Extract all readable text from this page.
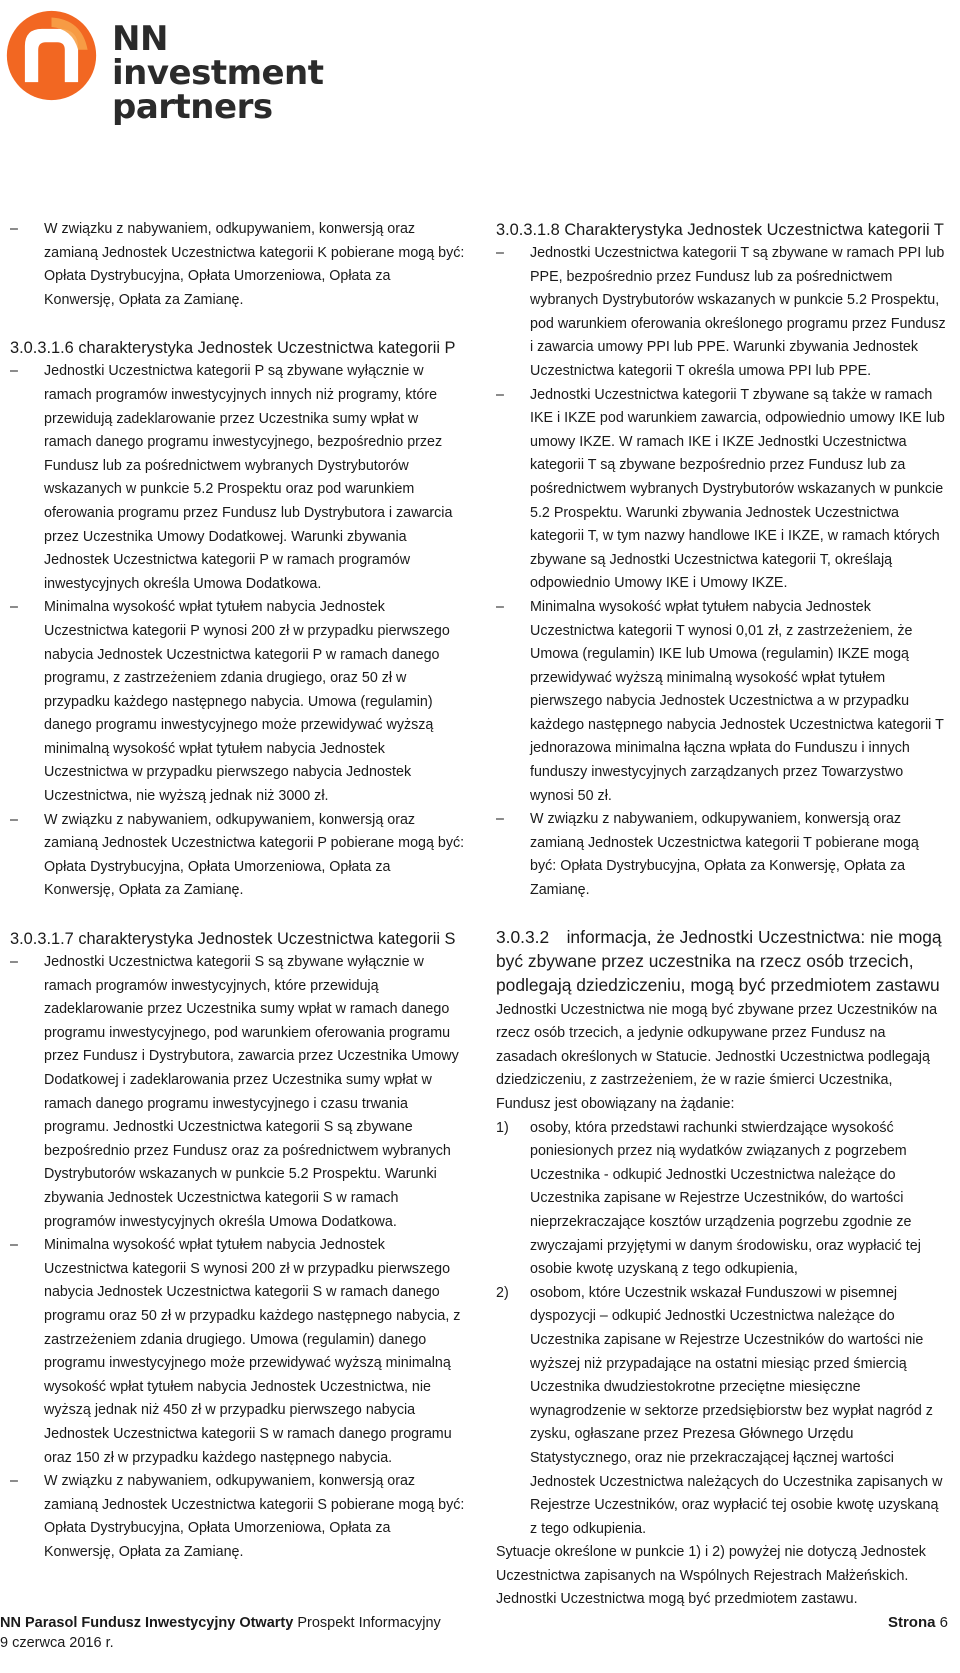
NN investment
partners
– W związku z nabywaniem, odkupywaniem, konwersją oraz zamianą Jednostek Uczestnictwa kategorii K pobierane mogą być: Opłata Dystrybucyjna, Opłata Umorzeniowa, Opłata za Konwersję, Opłata za Zamianę.

3.0.3.1.6 charakterystyka Jednostek Uczestnictwa kategorii P

– Jednostki Uczestnictwa kategorii P są zbywane wyłącznie w ramach programów inwestycyjnych innych niż programy, które przewidują zadeklarowanie przez Uczestnika sumy wpłat w ramach danego programu inwestycyjnego, bezpośrednio przez Fundusz lub za pośrednictwem wybranych Dystrybutorów wskazanych w punkcie 5.2 Prospektu oraz pod warunkiem oferowania programu przez Fundusz lub Dystrybutora i zawarcia przez Uczestnika Umowy Dodatkowej. Warunki zbywania Jednostek Uczestnictwa kategorii P w ramach programów inwestycyjnych określa Umowa Dodatkowa.
– Minimalna wysokość wpłat tytułem nabycia Jednostek Uczestnictwa kategorii P wynosi 200 zł w przypadku pierwszego nabycia Jednostek Uczestnictwa kategorii P w ramach danego programu, z zastrzeżeniem zdania drugiego, oraz 50 zł w przypadku każdego następnego nabycia. Umowa (regulamin) danego programu inwestycyjnego może przewidywać wyższą minimalną wysokość wpłat tytułem nabycia Jednostek Uczestnictwa w przypadku pierwszego nabycia Jednostek Uczestnictwa, nie wyższą jednak niż 3000 zł.
– W związku z nabywaniem, odkupywaniem, konwersją oraz zamianą Jednostek Uczestnictwa kategorii P pobierane mogą być: Opłata Dystrybucyjna, Opłata Umorzeniowa, Opłata za Konwersję, Opłata za Zamianę.

3.0.3.1.7 charakterystyka Jednostek Uczestnictwa kategorii S

– Jednostki Uczestnictwa kategorii S są zbywane wyłącznie w ramach programów inwestycyjnych, które przewidują zadeklarowanie przez Uczestnika sumy wpłat w ramach danego programu inwestycyjnego, pod warunkiem oferowania programu przez Fundusz i Dystrybutora, zawarcia przez Uczestnika Umowy Dodatkowej i zadeklarowania przez Uczestnika sumy wpłat w ramach danego programu inwestycyjnego i czasu trwania programu. Jednostki Uczestnictwa kategorii S są zbywane bezpośrednio przez Fundusz oraz za pośrednictwem wybranych Dystrybutorów wskazanych w punkcie 5.2 Prospektu. Warunki zbywania Jednostek Uczestnictwa kategorii S w ramach programów inwestycyjnych określa Umowa Dodatkowa.
– Minimalna wysokość wpłat tytułem nabycia Jednostek Uczestnictwa kategorii S wynosi 200 zł w przypadku pierwszego nabycia Jednostek Uczestnictwa kategorii S w ramach danego programu oraz 50 zł w przypadku każdego następnego nabycia, z zastrzeżeniem zdania drugiego. Umowa (regulamin) danego programu inwestycyjnego może przewidywać wyższą minimalną wysokość wpłat tytułem nabycia Jednostek Uczestnictwa, nie wyższą jednak niż 450 zł w przypadku pierwszego nabycia Jednostek Uczestnictwa kategorii S w ramach danego programu oraz 150 zł w przypadku każdego następnego nabycia.
– W związku z nabywaniem, odkupywaniem, konwersją oraz zamianą Jednostek Uczestnictwa kategorii S pobierane mogą być: Opłata Dystrybucyjna, Opłata Umorzeniowa, Opłata za Konwersję, Opłata za Zamianę.

3.0.3.1.8 Charakterystyka Jednostek Uczestnictwa kategorii T

– Jednostki Uczestnictwa kategorii T są zbywane w ramach PPI lub PPE, bezpośrednio przez Fundusz lub za pośrednictwem wybranych Dystrybutorów wskazanych w punkcie 5.2 Prospektu, pod warunkiem oferowania określonego programu przez Fundusz i zawarcia umowy PPI lub PPE. Warunki zbywania Jednostek Uczestnictwa kategorii T określa umowa PPI lub PPE.
– Jednostki Uczestnictwa kategorii T zbywane są także w ramach IKE i IKZE pod warunkiem zawarcia, odpowiednio umowy IKE lub umowy IKZE. W ramach IKE i IKZE Jednostki Uczestnictwa kategorii T są zbywane bezpośrednio przez Fundusz lub za pośrednictwem wybranych Dystrybutorów wskazanych w punkcie 5.2 Prospektu. Warunki zbywania Jednostek Uczestnictwa kategorii T, w tym nazwy handlowe IKE i IKZE, w ramach których zbywane są Jednostki Uczestnictwa kategorii T, określają odpowiednio Umowy IKE i Umowy IKZE.
– Minimalna wysokość wpłat tytułem nabycia Jednostek Uczestnictwa kategorii T wynosi 0,01 zł, z zastrzeżeniem, że Umowa (regulamin) IKE lub Umowa (regulamin) IKZE mogą przewidywać wyższą minimalną wysokość wpłat tytułem pierwszego nabycia Jednostek Uczestnictwa a w przypadku każdego następnego nabycia Jednostek Uczestnictwa kategorii T jednorazowa minimalna łączna wpłata do Funduszu i innych funduszy inwestycyjnych zarządzanych przez Towarzystwo wynosi 50 zł.
– W związku z nabywaniem, odkupywaniem, konwersją oraz zamianą Jednostek Uczestnictwa kategorii T pobierane mogą być: Opłata Dystrybucyjna, Opłata za Konwersję, Opłata za Zamianę.

3.0.3.2 informacja, że Jednostki Uczestnictwa: nie mogą być zbywane przez uczestnika na rzecz osób trzecich, podlegają dziedziczeniu, mogą być przedmiotem zastawu

Jednostki Uczestnictwa nie mogą być zbywane przez Uczestników na rzecz osób trzecich, a jedynie odkupywane przez Fundusz na zasadach określonych w Statucie. Jednostki Uczestnictwa podlegają dziedziczeniu, z zastrzeżeniem, że w razie śmierci Uczestnika, Fundusz jest obowiązany na żądanie:

1) osoby, która przedstawi rachunki stwierdzające wysokość poniesionych przez nią wydatków związanych z pogrzebem Uczestnika - odkupić Jednostki Uczestnictwa należące do Uczestnika zapisane w Rejestrze Uczestników, do wartości nieprzekraczające kosztów urządzenia pogrzebu zgodnie ze zwyczajami przyjętymi w danym środowisku, oraz wypłacić tej osobie kwotę uzyskaną z tego odkupienia,
2) osobom, które Uczestnik wskazał Funduszowi w pisemnej dyspozycji – odkupić Jednostki Uczestnictwa należące do Uczestnika zapisane w Rejestrze Uczestników do wartości nie wyższej niż przypadające na ostatni miesiąc przed śmiercią Uczestnika dwudziestokrotne przeciętne miesięczne wynagrodzenie w sektorze przedsiębiorstw bez wypłat nagród z zysku, ogłaszane przez Prezesa Głównego Urzędu Statystycznego, oraz nie przekraczającej łącznej wartości Jednostek Uczestnictwa należących do Uczestnika zapisanych w Rejestrze Uczestników, oraz wypłacić tej osobie kwotę uzyskaną z tego odkupienia.

Sytuacje określone w punkcie 1) i 2) powyżej nie dotyczą Jednostek Uczestnictwa zapisanych na Wspólnych Rejestrach Małżeńskich. Jednostki Uczestnictwa mogą być przedmiotem zastawu.

NN Parasol Fundusz Inwestycyjny Otwarty Prospekt Informacyjny
9 czerwca 2016 r.
Strona 6
